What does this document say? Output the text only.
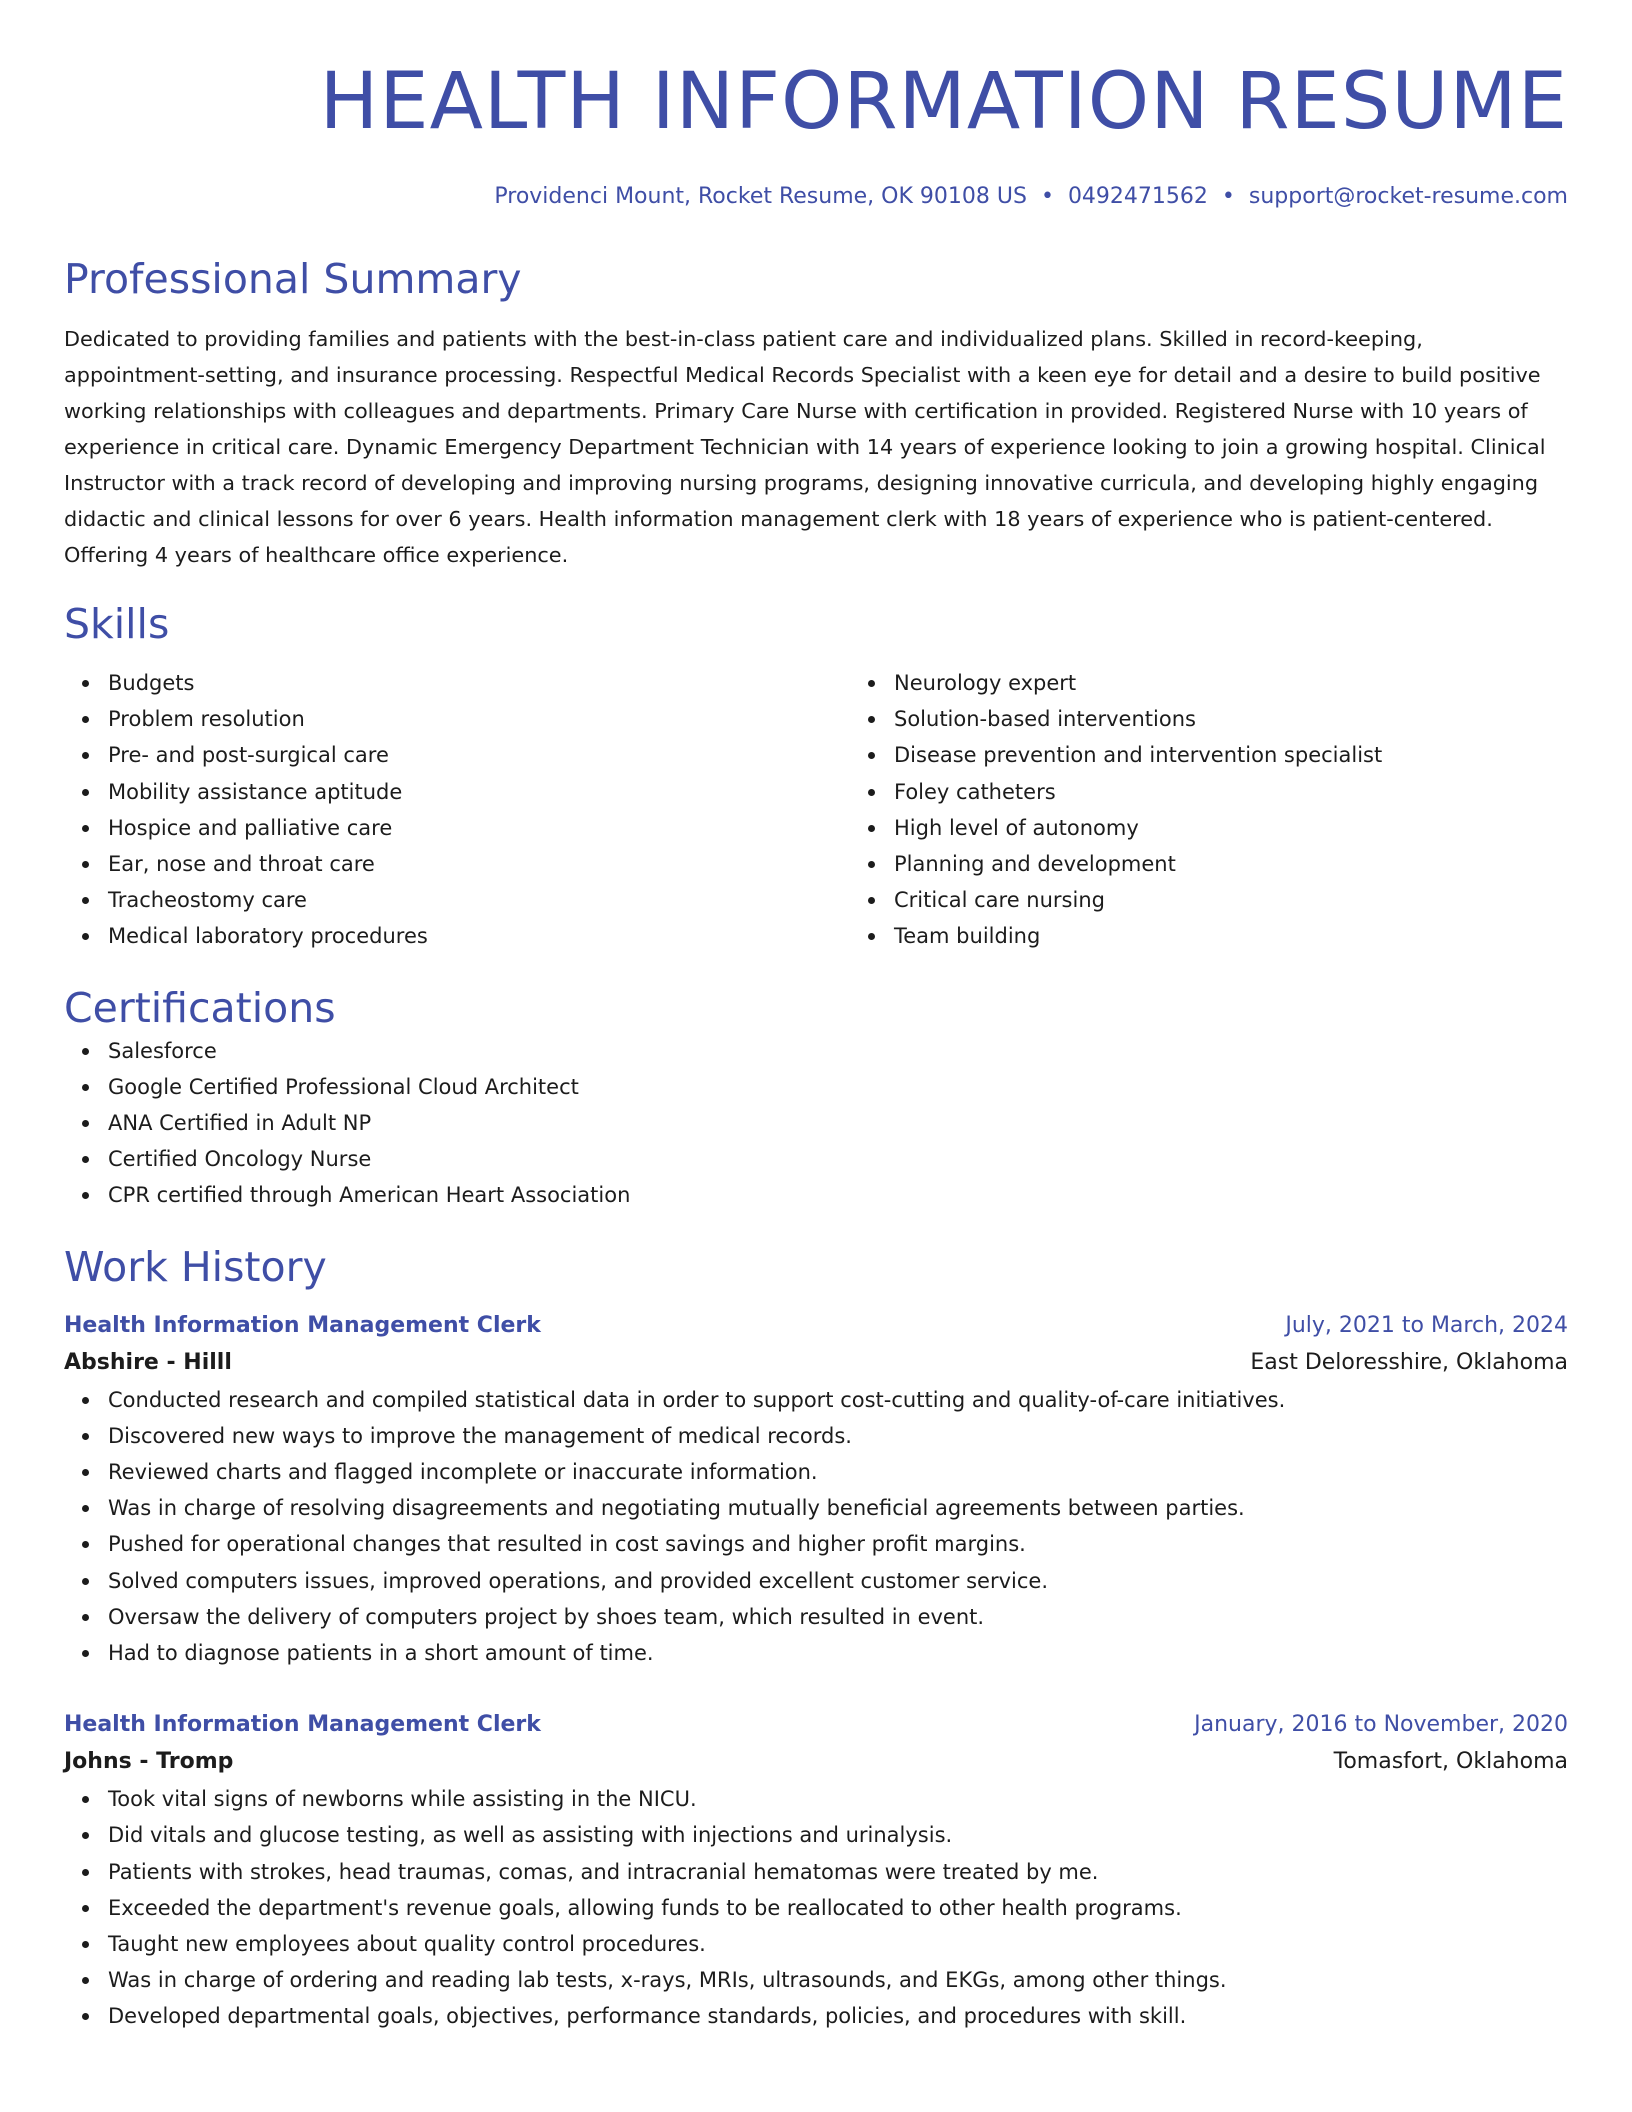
HEALTH INFORMATION RESUME
Providenci Mount, Rocket Resume, OK 90108 US • 0492471562 • support@rocket-resume.com
Professional Summary

Dedicated to providing families and patients with the best-in-class patient care and individualized plans. Skilled in record-keeping, appointment-setting, and insurance processing. Respectful Medical Records Specialist with a keen eye for detail and a desire to build positive working relationships with colleagues and departments. Primary Care Nurse with certification in provided. Registered Nurse with 10 years of experience in critical care. Dynamic Emergency Department Technician with 14 years of experience looking to join a growing hospital. Clinical Instructor with a track record of developing and improving nursing programs, designing innovative curricula, and developing highly engaging didactic and clinical lessons for over 6 years. Health information management clerk with 18 years of experience who is patient-centered. Offering 4 years of healthcare office experience.

Skills
Budgets
Problem resolution
Pre- and post-surgical care
Mobility assistance aptitude
Hospice and palliative care
Ear, nose and throat care
Tracheostomy care
Medical laboratory procedures
Neurology expert
Solution-based interventions
Disease prevention and intervention specialist
Foley catheters
High level of autonomy
Planning and development
Critical care nursing
Team building
Certifications
Salesforce
Google Certified Professional Cloud Architect
ANA Certified in Adult NP
Certified Oncology Nurse
CPR certified through American Heart Association
Work History
Health Information Management Clerk	July, 2021 to March, 2024
Abshire - Hilll	East Deloresshire, Oklahoma
Conducted research and compiled statistical data in order to support cost-cutting and quality-of-care initiatives.
Discovered new ways to improve the management of medical records.
Reviewed charts and flagged incomplete or inaccurate information.
Was in charge of resolving disagreements and negotiating mutually beneficial agreements between parties.
Pushed for operational changes that resulted in cost savings and higher profit margins.
Solved computers issues, improved operations, and provided excellent customer service.
Oversaw the delivery of computers project by shoes team, which resulted in event.
Had to diagnose patients in a short amount of time.
Health Information Management Clerk	January, 2016 to November, 2020
Johns - Tromp	Tomasfort, Oklahoma
Took vital signs of newborns while assisting in the NICU.
Did vitals and glucose testing, as well as assisting with injections and urinalysis.
Patients with strokes, head traumas, comas, and intracranial hematomas were treated by me.
Exceeded the department's revenue goals, allowing funds to be reallocated to other health programs.
Taught new employees about quality control procedures.
Was in charge of ordering and reading lab tests, x-rays, MRIs, ultrasounds, and EKGs, among other things.
Developed departmental goals, objectives, performance standards, policies, and procedures with skill.
